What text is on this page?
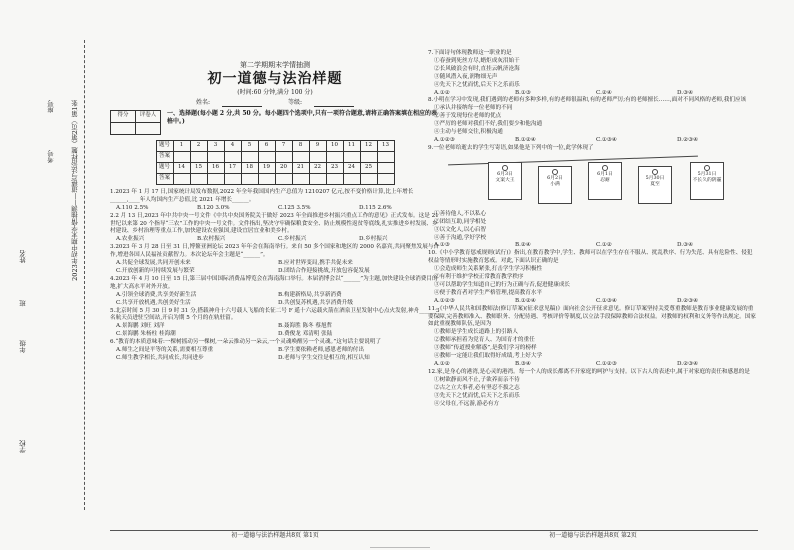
学校
年级
班
姓名
考号
座号 2023年初中期末学情抽测——道德与法治样题（第2页）第1张
第二学期期末学情抽测
初一道德与法治样题
(时间:60 分钟,满分 100 分)
姓名:	等级:
得分	评卷人
		一、选择题(每小题 2 分,共 50 分。每小题四个选项中,只有一项符合题意,请将正确答案填在相应的表格中。)
题号	1	2	3	4	5	6	7	8	9	10	11	12	13
答案													
题号	14	15	16	17	18	19	20	21	22	23	24	25	
答案													

1.2023 年 1 月 17 日,国家统计局发布数据,2022 年全年我国国内生产总值为 1210207 亿元,按不变价格计算,比上年增长______,____年人均国内生产总值,比 2021 年增长______。

A.110 2.5%	B.120 3.0%	C.125 3.5%	D.115 2.6%

2.2 月 13 日,2023 年中共中央一号文件《中共中央国务院关于做好 2023 年全面推进乡村振兴重点工作的意见》正式发布。这是 21 世纪以来第 20 个指导“三农”工作的中央一号文件。文件指出,坚决守牢确保粮食安全、防止规模性返贫等底线,扎实推进乡村发展、乡村建设、乡村治理等重点工作,加快建设农业强国,建设宜居宜业和美乡村。

A.农业振兴	B.农村振兴	C.乡村振兴	D.乡村振兴

3.2023 年 3 月 28 日至 31 日,博鳌亚洲论坛 2023 年年会在海南举行。来自 50 多个国家和地区的 2000 名嘉宾,共同聚焦发展与合作,增进各国人民福祉贡献智力。本次论坛年会主题是“______”。

A.共促全球发展,共同开创未来	B.应对世界变局,携手共促未来
C.开放创新的可持续发展与繁荣	D.团结合作迎接挑战,开放包容促发展

4.2023 年 4 月 10 日至 15 日,第三届中国国际消费品博览会在海南海口举行。本届消博会以“______”为主题,加快建设全球消费目的地,扩大高水平对外开放。

A.引领全球消费,共享美好新生活	B.构建新格局,共享新消费
C.共享开放机遇,共创美好生活	D.共创复苏机遇,共享消费升级

5.北京时间 5 月 30 日 9 时 31 分,搭载神舟十六号载人飞船的长征二号 F 遥十六运载火箭在酒泉卫星发射中心点火发射,神舟______3 名航天员进驻空间站,开启为期 5 个月的在轨驻留。

A.景海鹏 刘旺 刘洋	B.聂海胜 陈冬 蔡旭哲
C.景海鹏 朱杨柱 桂海潮	D.费俊龙 邓清明 张陆

6.“教育的本质意味着:一棵树摇动另一棵树,一朵云推动另一朵云,一个灵魂唤醒另一个灵魂。”这句话主要说明了

A.师生之间是平等的关系,需要相互尊重	B.学生要依赖老师,感恩老师的付出
C.师生教学相长,共同成长,共同进步	D.老师与学生交往是相互的,相互认知
初一道德与法治样题共8页 第1页

7.下面诗句体现教师这一职业的是

①春蚕到死丝方尽,蜡炬成灰泪始干

②长风破浪会有时,直挂云帆济沧海

③随风潜入夜,润物细无声

④先天下之忧而忧,后天下之乐而乐

A.①②	B.①③	C.②④	D.③④

8.小明在学习中发现,我们遇到的老师有多种多样,有的老师很温和,有的老师严厉;有的老师擅长……,面对不同风格的老师,我们应该

①承认并接纳每一位老师的不同

②善于发现每位老师的优点

③严厉的老师对我们不好,我们要少和他沟通

④主动与老师交往,积极沟通

A.①②③	B.①②④	C.①③④	D.②③④

9.一位老师给逝去的学生写寄语,如果他是下列中的一位,此学休现了

6月3日
文案大王	6月2日
小满
6月1日
忍耐	5月30日
夏至
5月31日
不长久的阴霾

①善待他人,不以私心

②团结互助,同学相处

③以文化人,以心启智

④善于沟通,学好学校

A.①③	B.②④	C.①②	D.③④

10.《中小学教育惩戒规则(试行)》指出,在教育教学中,学生、教师可以在学生存在不服从、扰乱秩序、行为失范、具有危险性、侵犯权益等情形时实施教育惩戒。对此,下面认识正确的是

①会造成师生关系紧张,打击学生学习积极性

②有利于维护学校正常教育教学秩序

③可以帮助学生知道自己的行为正确与否,促进健康成长

④便于教育者对学生严格管理,提高教育水平

A.①②③	B.①②④	C.①③④	D.②③④

11.《中华人民共和国教师法(修订草案)(征求意见稿)》面向社会公开征求意见。修订草案坚持关爱尊重教师是教育事业健康发展的重要保障,完善教师准入、教师职务、分配待遇、考核评价等制度,以立法手段保障教师合法权益。对教师的权利和义务等作出规定。国家如此重视教师队伍,是因为

①教师是学生成长道路上的引路人

②教师承担着为党育人、为国育才的重任

③教师“传道授业解惑”,是我们学习的榜样

④教师一定能让我们取得好成绩,考上好大学

A.①②	B.③④	C.①②③	D.②③④

12.家,是身心的港湾,是心灵的港湾。每一个人的成长都离不开家庭的呵护与支持。以下古人的表述中,属于对家庭的责任和感恩的是

①树欲静而风不止,子欲养而亲不待

②古之立大事者,必有坚忍不拔之志

③先天下之忧而忧,后天下之乐而乐

④父母在,不远游,游必有方

初一道德与法治样题共8页 第2页
